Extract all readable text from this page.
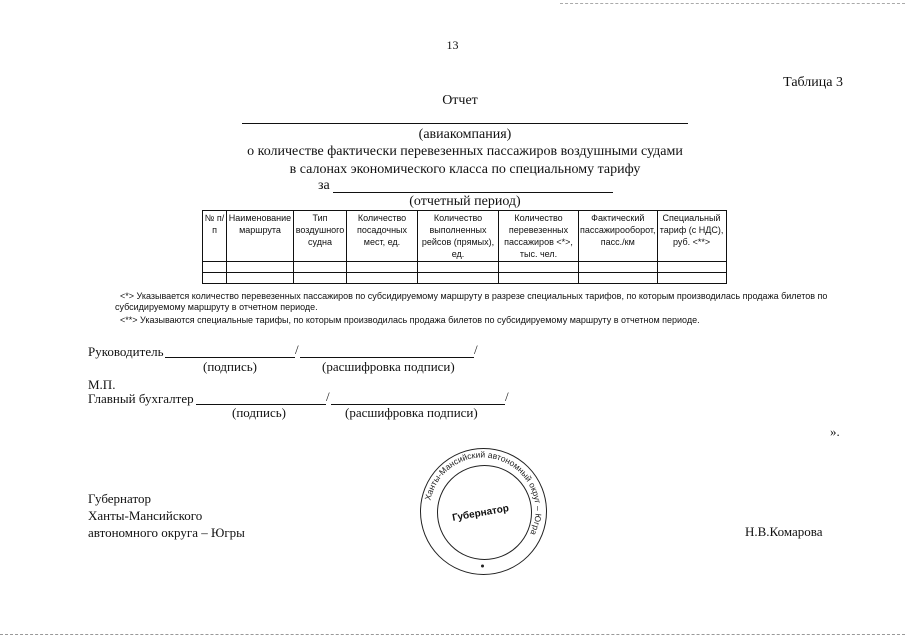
13
Таблица 3
Отчет
(авиакомпания)
о количестве фактически перевезенных пассажиров воздушными судами
в салонах экономического класса по специальному тарифу
за
(отчетный период)
№ п/п	Наименование маршрута	Тип воздушного судна	Количество посадочных мест, ед.	Количество выполненных рейсов (прямых), ед.	Количество перевезенных пассажиров <*>, тыс. чел.	Фактический пассажирооборот, пасс./км	Специальный тариф (с НДС), руб. <**>

<*> Указывается количество перевезенных пассажиров по субсидируемому маршруту в разрезе специальных тарифов, по которым производилась продажа билетов по субсидируемому маршруту в отчетном периоде.
<**> Указываются специальные тарифы, по которым производилась продажа билетов по субсидируемому маршруту в отчетном периоде.
Руководитель	/	/
(подпись)	(расшифровка подписи)
М.П.
Главный бухгалтер	/	/
(подпись)	(расшифровка подписи)
».
Губернатор
Ханты-Мансийского
автономного округа – Югры	Н.В.Комарова
Ханты-Мансийский автономный округ – Югра
Губернатор
